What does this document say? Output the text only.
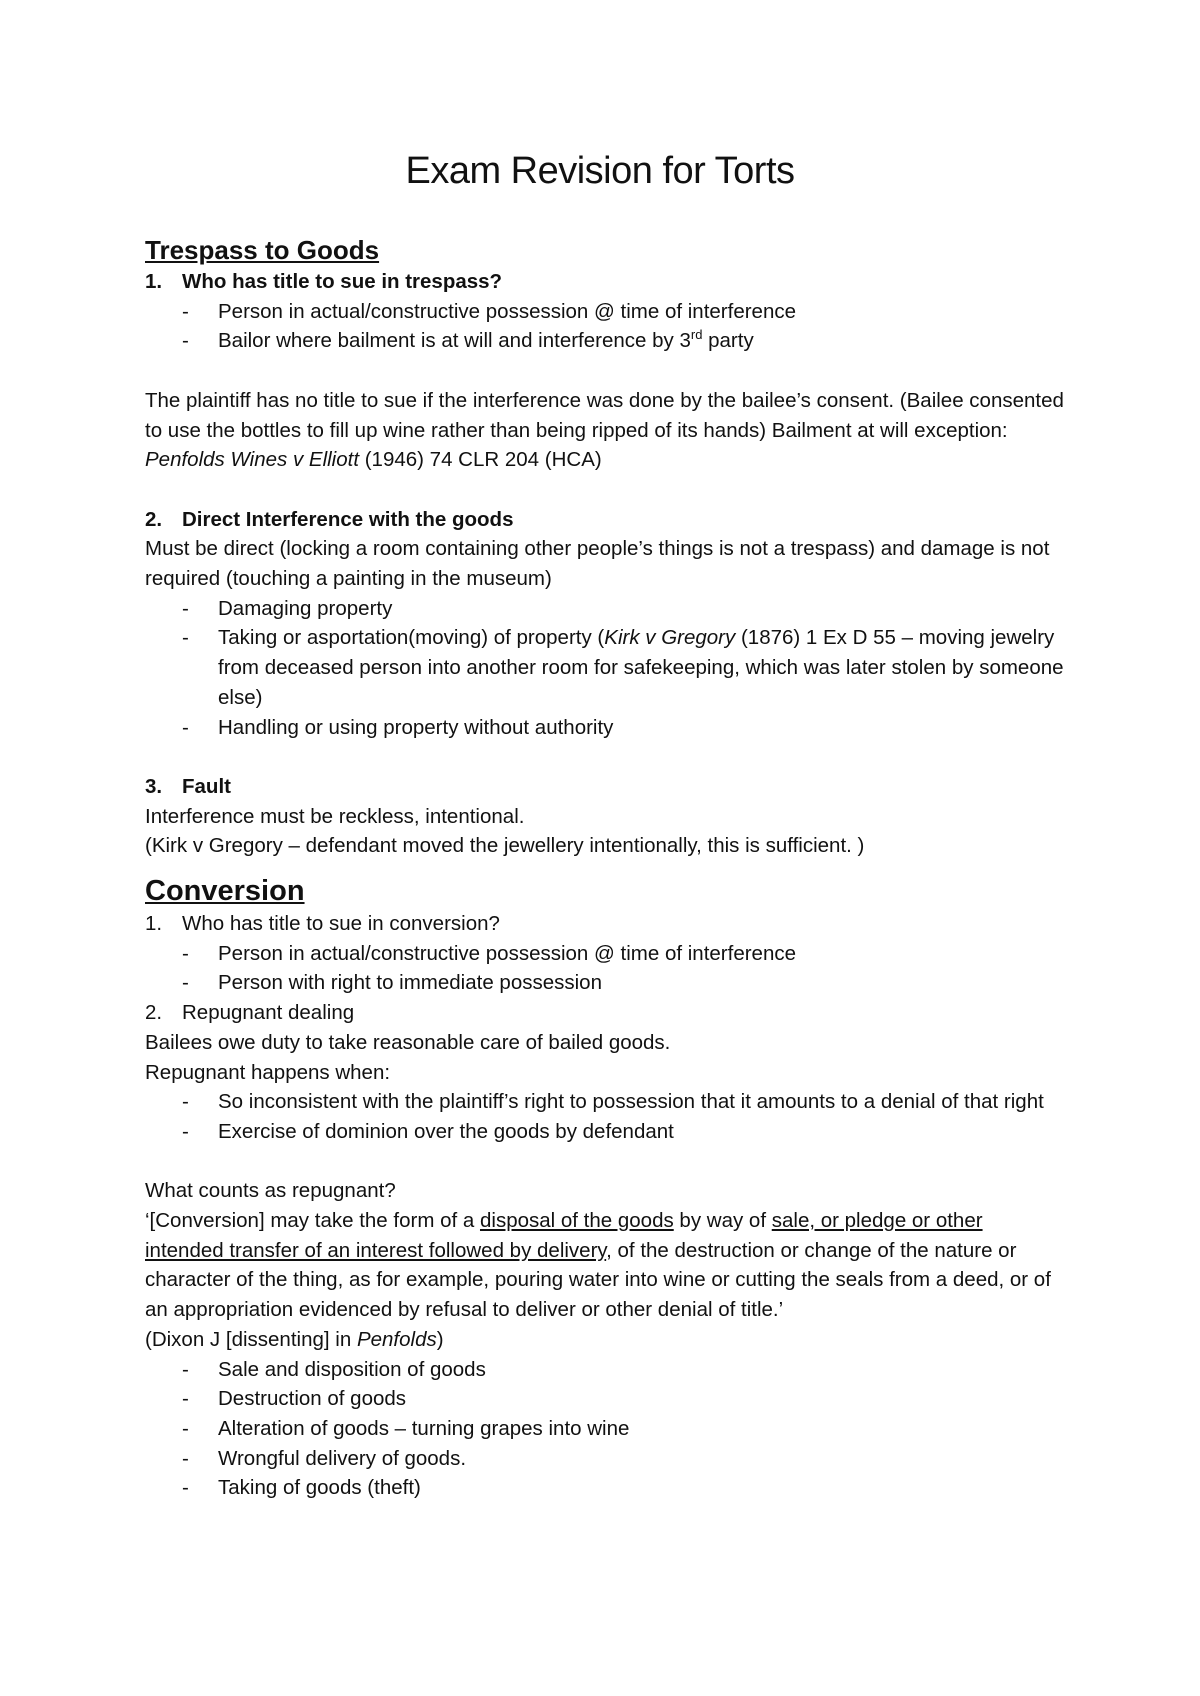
Exam Revision for Torts

Trespass to Goods

1. Who has title to sue in trespass?

- Person in actual/constructive possession @ time of interference
- Bailor where bailment is at will and interference by 3rd party

The plaintiff has no title to sue if the interference was done by the bailee’s consent. (Bailee consented to use the bottles to fill up wine rather than being ripped of its hands) Bailment at will exception: Penfolds Wines v Elliott (1946) 74 CLR 204 (HCA)

2. Direct Interference with the goods

Must be direct (locking a room containing other people’s things is not a trespass) and damage is not required (touching a painting in the museum)

- Damaging property
- Taking or asportation(moving) of property (Kirk v Gregory (1876) 1 Ex D 55 – moving jewelry from deceased person into another room for safekeeping, which was later stolen by someone else)
- Handling or using property without authority

3. Fault

Interference must be reckless, intentional.

(Kirk v Gregory – defendant moved the jewellery intentionally, this is sufficient. )

Conversion

1. Who has title to sue in conversion?

- Person in actual/constructive possession @ time of interference
- Person with right to immediate possession

2. Repugnant dealing

Bailees owe duty to take reasonable care of bailed goods.

Repugnant happens when:

- So inconsistent with the plaintiff’s right to possession that it amounts to a denial of that right
- Exercise of dominion over the goods by defendant

What counts as repugnant?

‘[Conversion] may take the form of a disposal of the goods by way of sale, or pledge or other intended transfer of an interest followed by delivery, of the destruction or change of the nature or character of the thing, as for example, pouring water into wine or cutting the seals from a deed, or of an appropriation evidenced by refusal to deliver or other denial of title.’

(Dixon J [dissenting] in Penfolds)

- Sale and disposition of goods
- Destruction of goods
- Alteration of goods – turning grapes into wine
- Wrongful delivery of goods.
- Taking of goods (theft)
